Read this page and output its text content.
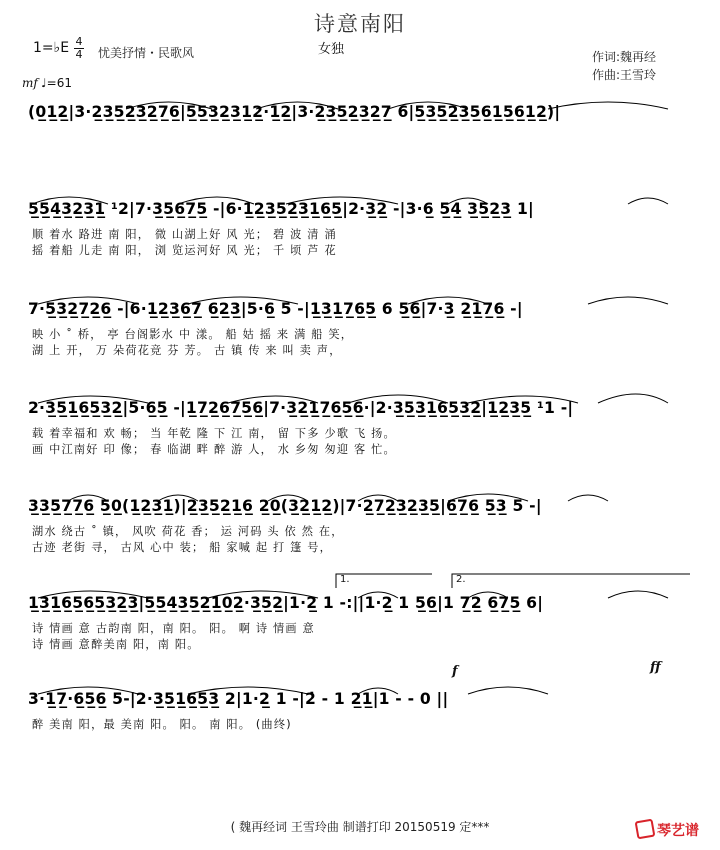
诗意南阳
1=♭E 4
4 忧美抒情・民歌风
mf ♩=61
女独	作词:魏再经
作曲:王雪玲
(0̲1̲2̲|3·2̲3̲5̲2̲3̲2̲7̲6̲|5̲5̲3̲2̲3̲1̲2̲·1̲2̲|3·2̲3̲5̲2̲3̲2̲7̲ 6|5̲3̲5̲2̲3̲5̲6̲1̲5̲6̲1̲2̲)|
5̲5̲4̲3̲2̲3̲1̲ ¹2|7·3̲5̲6̲7̲5̲ -|6·1̲2̲3̲5̲2̲3̲1̲6̲5̲|2·3̲2̲ -|3·6̲ 5̲4̲ 3̲5̲2̲3̲ 1|
顺 着水 路进 南 阳， 微 山湖上好 风 光； 碧 波 清 涌
摇 着船 儿走 南 阳， 浏 览运河好 风 光； 千 顷 芦 花
7·5̲3̲2̲7̲2̲6̲ -|6·1̲2̲3̲6̲7̲ 6̲2̲3̲|5·6̲ 5 -|1̲3̲1̲7̲6̲5̲ 6 5̲6̲|7·3̲ 2̲1̲7̲6̲ -|
映 小 ˚ 桥， 亭 台阁影水 中 漾。 船 姑 摇 来 满 船 笑，
湖 上 开， 万 朵荷花竞 芬 芳。 古 镇 传 来 叫 卖 声，
2·3̲5̲1̲6̲5̲3̲2̲|5·6̲5̲ -|1̲7̲2̲6̲7̲5̲6̲|7·3̲2̲1̲7̲6̲5̲6̲·|2·3̲5̲3̲1̲6̲5̲3̲2̲|1̲2̲3̲5̲ ¹1 -|
载 着幸福和 欢 畅； 当 年乾 隆 下 江 南， 留 下多 少歌 飞 扬。
画 中江南好 印 像； 春 临湖 畔 醉 游 人， 水 乡匆 匆迎 客 忙。
3̲3̲5̲7̲7̲6̲ 5̲0̲(1̲2̲3̲1̲)|2̲3̲5̲2̲1̲6̲ 2̲0̲(3̲2̲1̲2̲)|7·2̲7̲2̲3̲2̲3̲5̲|6̲7̲6̲ 5̲3̲ 5 -|
湖水 绕古 ˚ 镇， 风吹 荷花 香； 运 河码 头 依 然 在，
古迹 老街 寻， 古风 心中 装； 船 家喊 起 打 篷 号，
1.	2.
1̲3̲1̲6̲5̲6̲5̲3̲2̲3̲|5̲5̲4̲3̲5̲2̲1̲0̲2̲·3̲5̲2̲|1·2̲ 1 -:||1·2̲ 1 5̲6̲|1 7̲2̲ 6̲7̲5̲ 6|
诗 情画 意 古韵南 阳，南 阳。 阳。 啊 诗 情画 意
诗 情画 意醉美南 阳，南 阳。
f	ff
3·1̲7̲·6̲5̲6̲ 5-|2·3̲5̲1̲6̲5̲3̲ 2|1·2̲ 1 -|2̇ - 1 2̲1̲|1 - - 0 ||
醉 美南 阳，最 美南 阳。 阳。 南 阳。 (曲终)
( 魏再经词 王雪玲曲 制谱打印 20150519 定***	琴艺谱
